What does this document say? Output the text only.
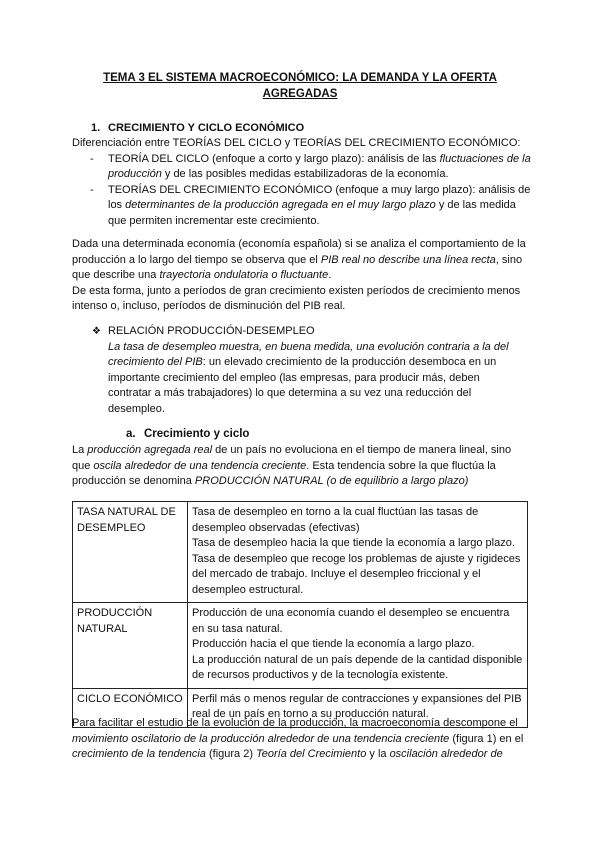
TEMA 3 EL SISTEMA MACROECONÓMICO: LA DEMANDA Y LA OFERTA AGREGADAS
1. CRECIMIENTO Y CICLO ECONÓMICO
Diferenciación entre TEORÍAS DEL CICLO y TEORÍAS DEL CRECIMIENTO ECONÓMICO:
- TEORÍA DEL CICLO (enfoque a corto y largo plazo): análisis de las fluctuaciones de la producción y de las posibles medidas estabilizadoras de la economía.
- TEORÍAS DEL CRECIMIENTO ECONÓMICO (enfoque a muy largo plazo): análisis de los determinantes de la producción agregada en el muy largo plazo y de las medida que permiten incrementar este crecimiento.
Dada una determinada economía (economía española) si se analiza el comportamiento de la producción a lo largo del tiempo se observa que el PIB real no describe una línea recta, sino que describe una trayectoria ondulatoria o fluctuante.
De esta forma, junto a períodos de gran crecimiento existen períodos de crecimiento menos intenso o, incluso, períodos de disminución del PIB real.
❖ RELACIÓN PRODUCCIÓN-DESEMPLEO
La tasa de desempleo muestra, en buena medida, una evolución contraria a la del crecimiento del PIB: un elevado crecimiento de la producción desemboca en un importante crecimiento del empleo (las empresas, para producir más, deben contratar a más trabajadores) lo que determina a su vez una reducción del desempleo.
a. Crecimiento y ciclo
La producción agregada real de un país no evoluciona en el tiempo de manera lineal, sino que oscila alrededor de una tendencia creciente. Esta tendencia sobre la que fluctúa la producción se denomina PRODUCCIÓN NATURAL (o de equilibrio a largo plazo)
TASA NATURAL DE DESEMPLEO	Tasa de desempleo en torno a la cual fluctúan las tasas de desempleo observadas (efectivas)
Tasa de desempleo hacia la que tiende la economía a largo plazo.
Tasa de desempleo que recoge los problemas de ajuste y rigideces del mercado de trabajo. Incluye el desempleo friccional y el desempleo estructural.

PRODUCCIÓN NATURAL	Producción de una economía cuando el desempleo se encuentra en su tasa natural.
Producción hacia el que tiende la economía a largo plazo.
La producción natural de un país depende de la cantidad disponible de recursos productivos y de la tecnología existente.

CICLO ECONÓMICO	Perfil más o menos regular de contracciones y expansiones del PIB real de un país en torno a su producción natural.
Para facilitar el estudio de la evolución de la producción, la macroeconomía descompone el movimiento oscilatorio de la producción alrededor de una tendencia creciente (figura 1) en el crecimiento de la tendencia (figura 2) Teoría del Crecimiento y la oscilación alrededor de
